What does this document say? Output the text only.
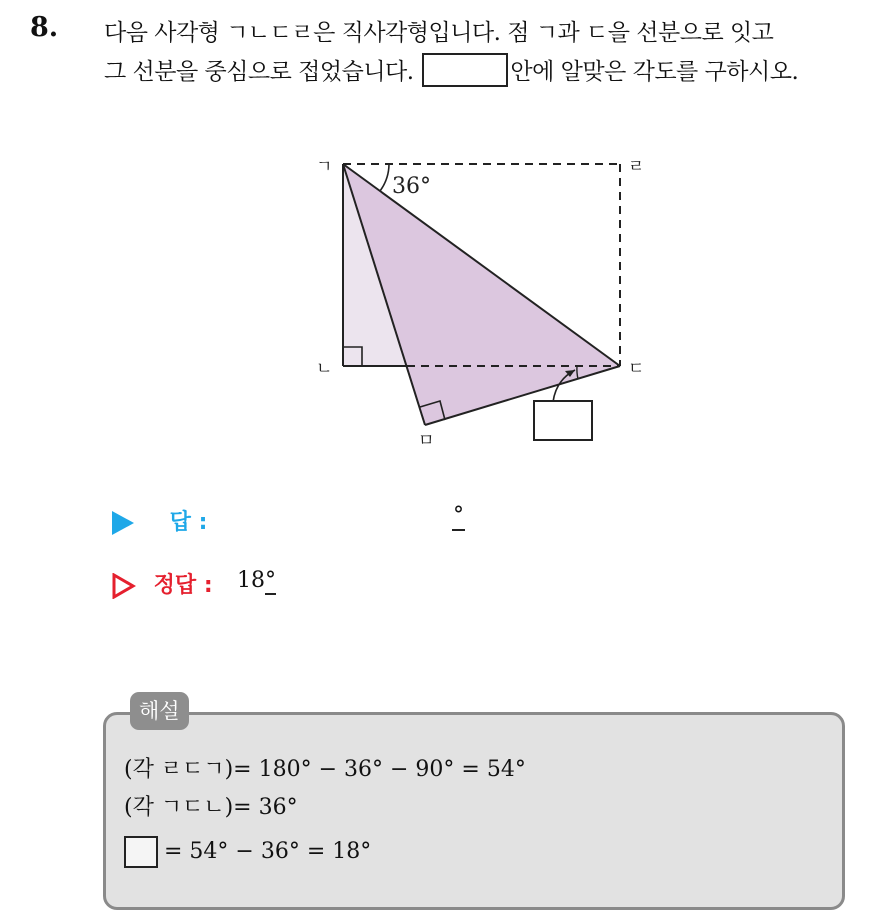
8. 다음 사각형 ㄱㄴㄷㄹ은 직사각형입니다. 점 ㄱ과 ㄷ을 선분으로 잇고
그 선분을 중심으로 접었습니다.	안에 알맞은 각도를 구하시오.
36°
ㄱ
ㄴ	ㄷ
ㄹ
ㅁ
답 :	°
정답 : 18°
해설
(각 ㄹㄷㄱ)= 180° − 36° − 90° = 54°
(각 ㄱㄷㄴ)= 36°
= 54° − 36° = 18°
